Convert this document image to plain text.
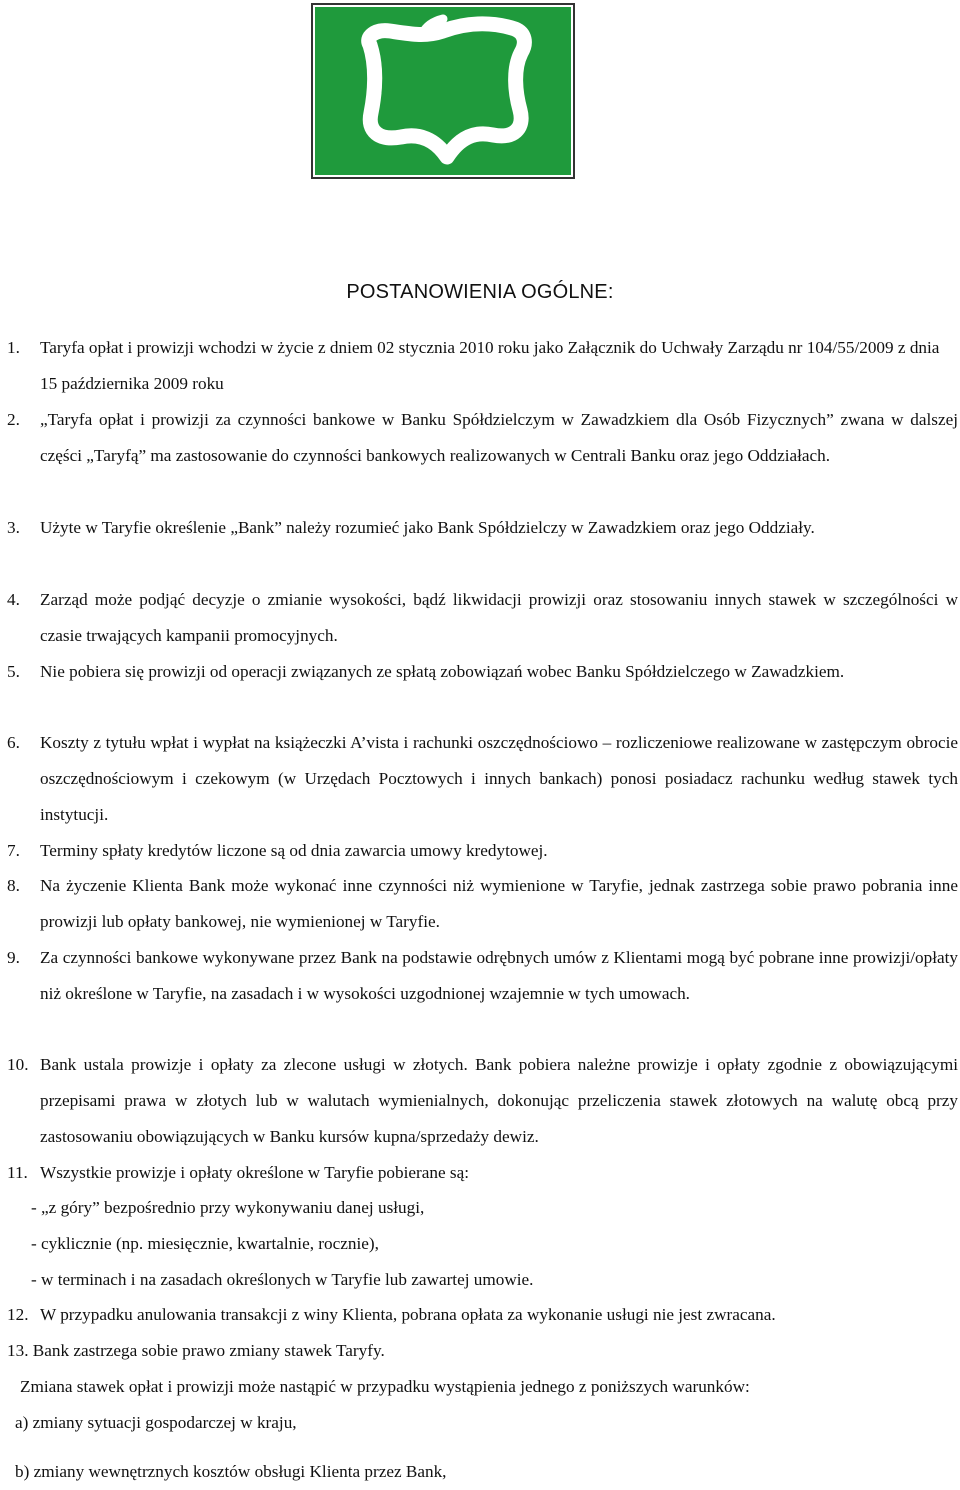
POSTANOWIENIA OGÓLNE:
1. Taryfa opłat i prowizji wchodzi w życie z dniem 02 stycznia 2010 roku jako Załącznik do Uchwały Zarządu nr 104/55/2009 z dnia 15 października 2009 roku
2. „Taryfa opłat i prowizji za czynności bankowe w Banku Spółdzielczym w Zawadzkiem dla Osób Fizycznych” zwana w dalszej części „Taryfą” ma zastosowanie do czynności bankowych realizowanych w Centrali Banku oraz jego Oddziałach.
3. Użyte w Taryfie określenie „Bank” należy rozumieć jako Bank Spółdzielczy w Zawadzkiem oraz jego Oddziały.
4. Zarząd może podjąć decyzje o zmianie wysokości, bądź likwidacji prowizji oraz stosowaniu innych stawek w szczególności w czasie trwających kampanii promocyjnych.
5. Nie pobiera się prowizji od operacji związanych ze spłatą zobowiązań wobec Banku Spółdzielczego w Zawadzkiem.
6. Koszty z tytułu wpłat i wypłat na książeczki A’vista i rachunki oszczędnościowo – rozliczeniowe realizowane w zastępczym obrocie oszczędnościowym i czekowym (w Urzędach Pocztowych i innych bankach) ponosi posiadacz rachunku według stawek tych instytucji.
7. Terminy spłaty kredytów liczone są od dnia zawarcia umowy kredytowej.
8. Na życzenie Klienta Bank może wykonać inne czynności niż wymienione w Taryfie, jednak zastrzega sobie prawo pobrania inne prowizji lub opłaty bankowej, nie wymienionej w Taryfie.
9. Za czynności bankowe wykonywane przez Bank na podstawie odrębnych umów z Klientami mogą być pobrane inne prowizji/opłaty niż określone w Taryfie, na zasadach i w wysokości uzgodnionej wzajemnie w tych umowach.
10. Bank ustala prowizje i opłaty za zlecone usługi w złotych. Bank pobiera należne prowizje i opłaty zgodnie z obowiązującymi przepisami prawa w złotych lub w walutach wymienialnych, dokonując przeliczenia stawek złotowych na walutę obcą przy zastosowaniu obowiązujących w Banku kursów kupna/sprzedaży dewiz.
11. Wszystkie prowizje i opłaty określone w Taryfie pobierane są:
- „z góry” bezpośrednio przy wykonywaniu danej usługi,
- cyklicznie (np. miesięcznie, kwartalnie, rocznie),
- w terminach i na zasadach określonych w Taryfie lub zawartej umowie.
12. W przypadku anulowania transakcji z winy Klienta, pobrana opłata za wykonanie usługi nie jest zwracana.
13. Bank zastrzega sobie prawo zmiany stawek Taryfy.
Zmiana stawek opłat i prowizji może nastąpić w przypadku wystąpienia jednego z poniższych warunków:
a) zmiany sytuacji gospodarczej w kraju,
b) zmiany wewnętrznych kosztów obsługi Klienta przez Bank,
